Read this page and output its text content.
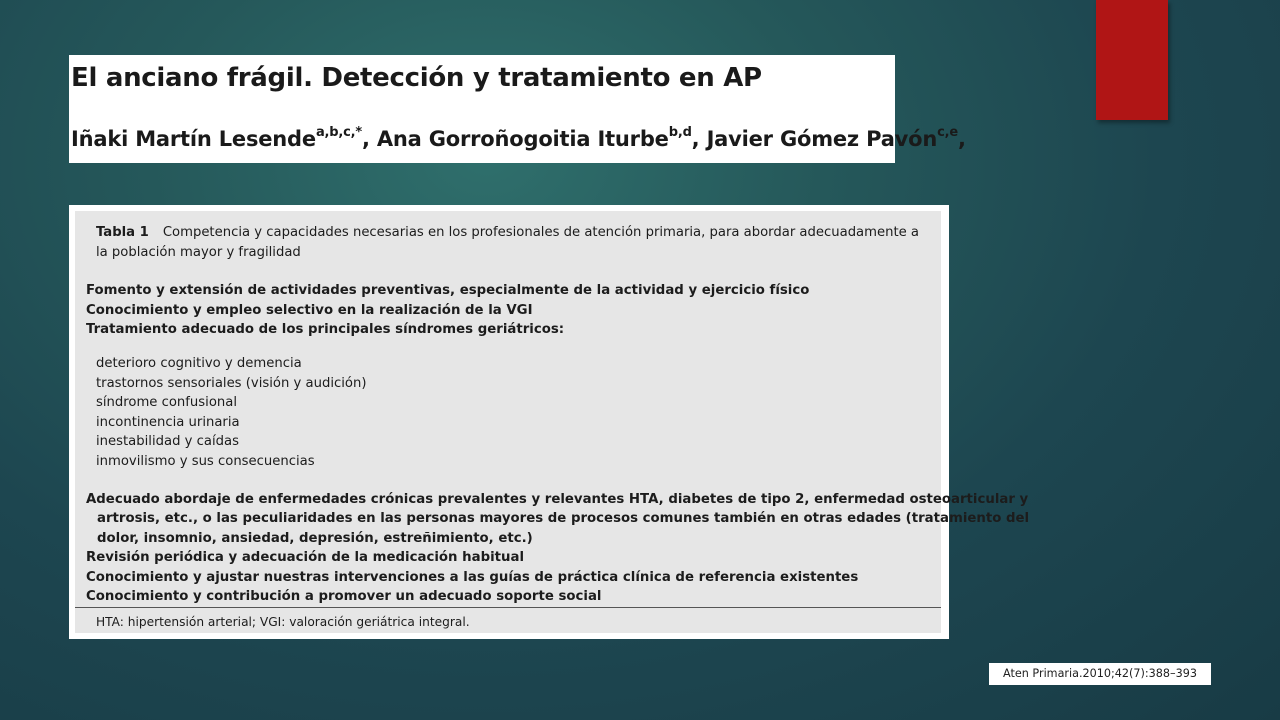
El anciano frágil. Detección y tratamiento en AP

Iñaki Martín Lesende$^{a,b,c,*}$, Ana Gorroñogoitia Iturbe$^{b,d}$, Javier Gómez Pavón$^{c,e}$,

Tabla 1 Competencia y capacidades necesarias en los profesionales de atención primaria, para abordar adecuadamente a la población mayor y fragilidad
Fomento y extensión de actividades preventivas, especialmente de la actividad y ejercicio físico
Conocimiento y empleo selectivo en la realización de la VGI
Tratamiento adecuado de los principales síndromes geriátricos:
deterioro cognitivo y demencia
trastornos sensoriales (visión y audición)
síndrome confusional
incontinencia urinaria
inestabilidad y caídas
inmovilismo y sus consecuencias
Adecuado abordaje de enfermedades crónicas prevalentes y relevantes HTA, diabetes de tipo 2, enfermedad osteoarticular y
artrosis, etc., o las peculiaridades en las personas mayores de procesos comunes también en otras edades (tratamiento del
dolor, insomnio, ansiedad, depresión, estreñimiento, etc.)
Revisión periódica y adecuación de la medicación habitual
Conocimiento y ajustar nuestras intervenciones a las guías de práctica clínica de referencia existentes
Conocimiento y contribución a promover un adecuado soporte social
HTA: hipertensión arterial; VGI: valoración geriátrica integral.
Aten Primaria.2010;42(7):388–393
